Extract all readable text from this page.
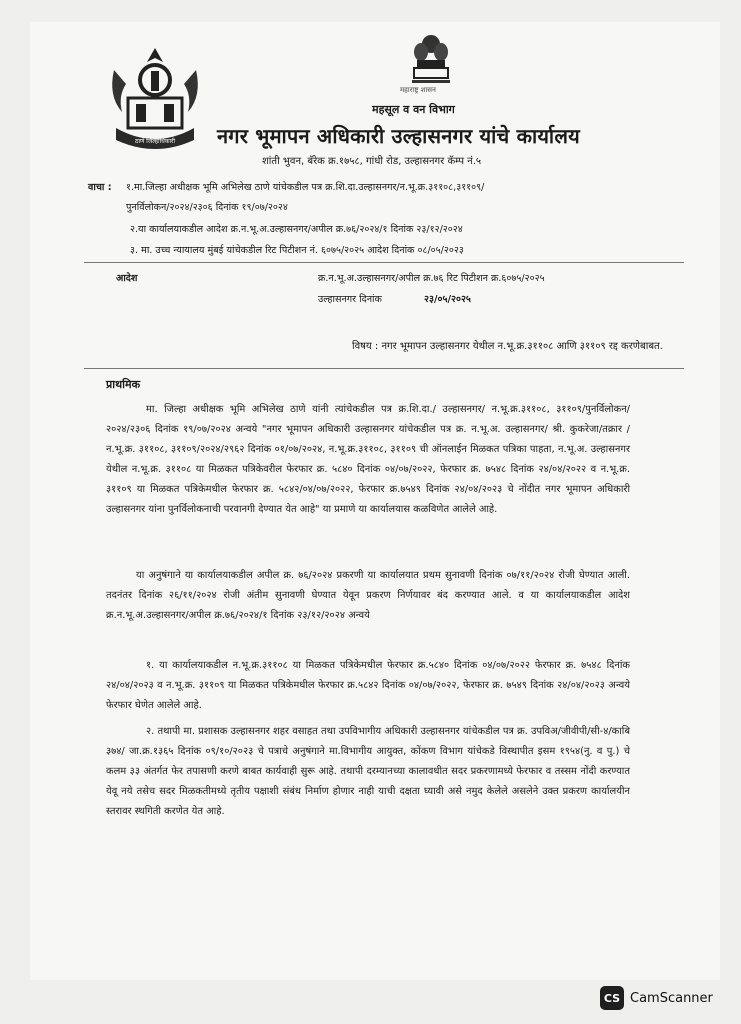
ठाणे जिल्हाधिकारी
महाराष्ट्र शासन
महसूल व वन विभाग
नगर भूमापन अधिकारी उल्हासनगर यांचे कार्यालय
शांती भुवन, बॅरेक क्र.१७५८, गांधी रोड, उल्हासनगर कॅम्प नं.५
वाचा : १.मा.जिल्हा अधीक्षक भूमि अभिलेख ठाणे यांचेकडील पत्र क्र.शि.दा.उल्हासनगर/न.भू.क्र.३११०८,३११०९/
पुनर्विलोकन/२०२४/२३०६ दिनांक १९/०७/२०२४
२.या कार्यालयाकडील आदेश क्र.न.भू.अ.उल्हासनगर/अपील क्र.७६/२०२४/१ दिनांक २३/१२/२०२४
३. मा. उच्च न्यायालय मुंबई यांचेकडील रिट पिटीशन नं. ६०७५/२०२५ आदेश दिनांक ०८/०५/२०२३
आदेश	क्र.न.भू.अ.उल्हासनगर/अपील क्र.७६ रिट पिटीशन क्र.६०७५/२०२५
उल्हासनगर दिनांक	२३/०५/२०२५
विषय : नगर भूमापन उल्हासनगर येथील न.भू.क्र.३११०८ आणि ३११०९ रद्द करणेबाबत.
प्राथमिक
मा. जिल्हा अधीक्षक भूमि अभिलेख ठाणे यांनी त्यांचेकडील पत्र क्र.शि.दा./ उल्हासनगर/ न.भू.क्र.३११०८, ३११०९/पुनर्विलोकन/२०२४/२३०६ दिनांक १९/०७/२०२४ अन्वये "नगर भूमापन अधिकारी उल्हासनगर यांचेकडील पत्र क्र. न.भू.अ. उल्हासनगर/ श्री. कुकरेजा/तक्रार /न.भू.क्र. ३११०८, ३११०९/२०२४/२९६२ दिनांक ०१/०७/२०२४, न.भू.क्र.३११०८, ३११०९ ची ऑनलाईन मिळकत पत्रिका पाहता, न.भू.अ. उल्हासनगर येथील न.भू.क्र. ३११०८ या मिळकत पत्रिकेवरील फेरफार क्र. ५८४० दिनांक ०४/०७/२०२२, फेरफार क्र. ७५४८ दिनांक २४/०४/२०२२ व न.भू.क्र. ३११०९ या मिळकत पत्रिकेमधील फेरफार क्र. ५८४२/०४/०७/२०२२, फेरफार क्र.७५४९ दिनांक २४/०४/२०२३ चे नोंदीत नगर भूमापन अधिकारी उल्हासनगर यांना पुनर्विलोकनाची परवानगी देण्यात येत आहे" या प्रमाणे या कार्यालयास कळविणेत आलेले आहे.
या अनुषंगाने या कार्यालयाकडील अपील क्र. ७६/२०२४ प्रकरणी या कार्यालयात प्रथम सुनावणी दिनांक ०७/११/२०२४ रोजी घेण्यात आली. तदनंतर दिनांक २६/११/२०२४ रोजी अंतीम सुनावणी घेण्यात येवून प्रकरण निर्णयावर बंद करण्यात आले. व या कार्यालयाकडील आदेश क्र.न.भू.अ.उल्हासनगर/अपील क्र.७६/२०२४/१ दिनांक २३/१२/२०२४ अन्वये
१. या कार्यालयाकडील न.भू.क्र.३११०८ या मिळकत पत्रिकेमधील फेरफार क्र.५८४० दिनांक ०४/०७/२०२२ फेरफार क्र. ७५४८ दिनांक २४/०४/२०२३ व न.भू.क्र. ३११०९ या मिळकत पत्रिकेमधील फेरफार क्र.५८४२ दिनांक ०४/०७/२०२२, फेरफार क्र. ७५४९ दिनांक २४/०४/२०२३ अन्वये फेरफार घेणेत आलेले आहे.
२. तथापी मा. प्रशासक उल्हासनगर शहर वसाहत तथा उपविभागीय अधिकारी उल्हासनगर यांचेकडील पत्र क्र. उपविअ/जीवीपी/सी-४/काबि ३७४/ जा.क्र.१३६५ दिनांक ०९/१०/२०२३ चे पत्राचे अनुषंगाने मा.विभागीय आयुक्त, कोंकण विभाग यांचेकडे विस्थापीत इसम १९५४(नु. व पु.) चे कलम ३३ अंतर्गत फेर तपासणी करणे बाबत कार्यवाही सुरू आहे. तथापी दरम्यानच्या कालावधीत सदर प्रकरणामध्ये फेरफार व तस्सम नोंदी करण्यात येवू नये तसेच सदर मिळकतीमध्ये तृतीय पक्षाशी संबंध निर्माण होणार नाही याची दक्षता घ्यावी असे नमुद केलेले असलेने उक्त प्रकरण कार्यालयीन स्तरावर स्थगिती करणेत येत आहे.
CS CamScanner
